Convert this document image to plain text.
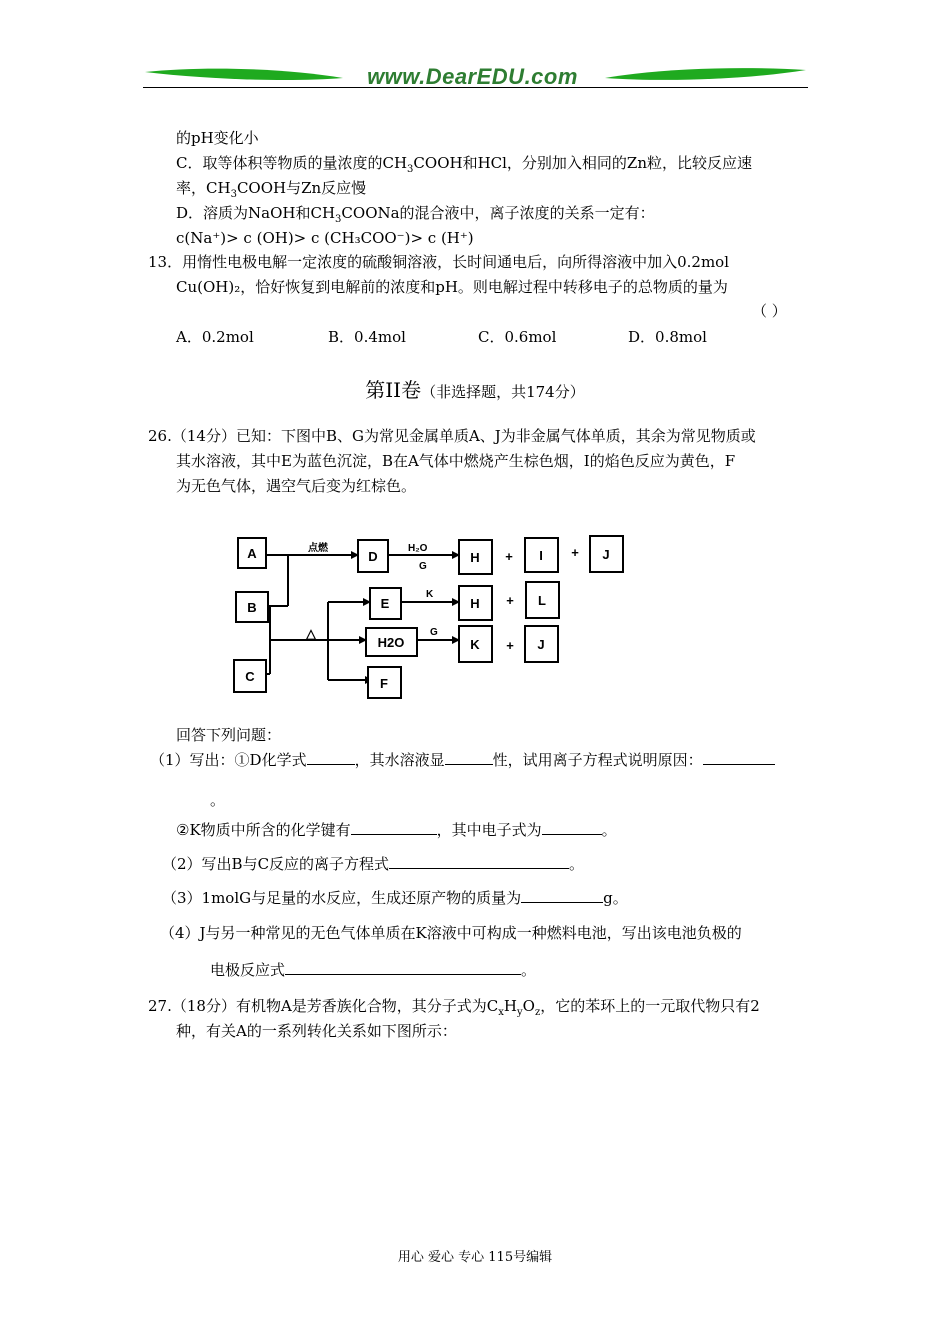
www.DearEDU.com
的pH变化小
C．取等体积等物质的量浓度的$CH_3COOH$和HCl，分别加入相同的Zn粒，比较反应速
率，$CH_3COOH$与Zn反应慢
D．溶质为NaOH和$CH_3COONa$的混合液中，离子浓度的关系一定有：
c(Na⁺)> c (OH)> c (CH₃COO⁻)> c (H⁺)
13．用惰性电极电解一定浓度的硫酸铜溶液，长时间通电后，向所得溶液中加入0.2mol
Cu(OH)₂，恰好恢复到电解前的浓度和pH。则电解过程中转移电子的总物质的量为
（ ）
A．0.2mol	B．0.4mol	C．0.6mol	D．0.8mol
第II卷（非选择题，共174分）
26.（14分）已知：下图中B、G为常见金属单质A、J为非金属气体单质，其余为常见物质或
其水溶液，其中E为蓝色沉淀，B在A气体中燃烧产生棕色烟，I的焰色反应为黄色，F
为无色气体，遇空气后变为红棕色。
A
B
C
D	H	I	J
E	H	L
H2O	K	J
F
点燃	H₂O
G
K
G
△
+	+
+
+
回答下列问题：
（1）写出：①D化学式	，其水溶液显	性，试用离子方程式说明原因：
。
②K物质中所含的化学键有	，其中电子式为	。
（2）写出B与C反应的离子方程式	。
（3）1molG与足量的水反应，生成还原产物的质量为	g。
（4）J与另一种常见的无色气体单质在K溶液中可构成一种燃料电池，写出该电池负极的
电极反应式	。
27.（18分）有机物A是芳香族化合物，其分子式为$C_xH_yO_z$，它的苯环上的一元取代物只有2
种，有关A的一系列转化关系如下图所示：
用心 爱心 专心 115号编辑
